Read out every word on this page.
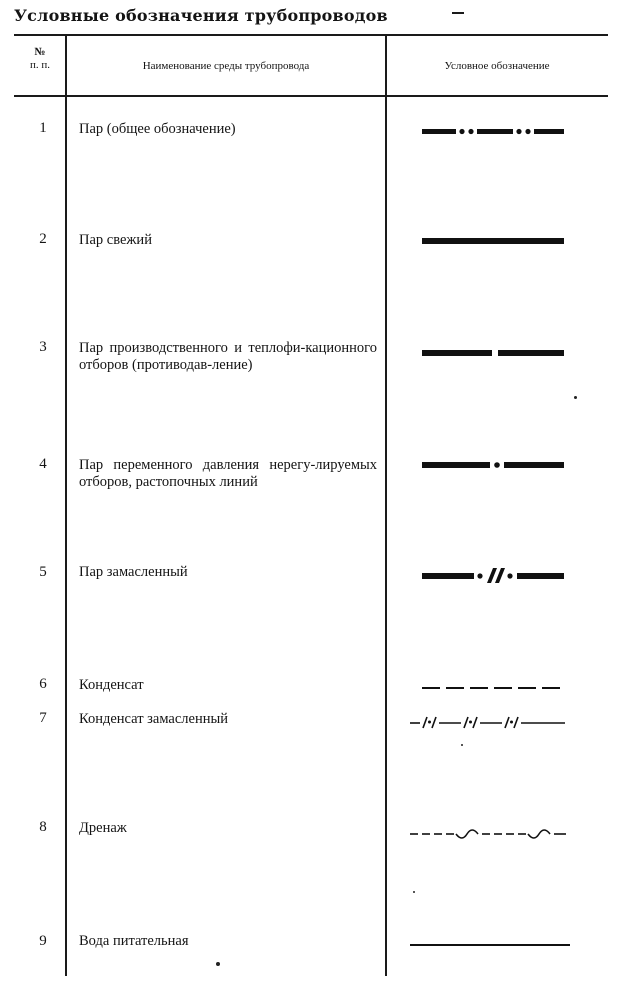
Условные обозначения трубопроводов
№
п. п.	Наименование среды трубопровода	Условное обозначение
1	Пар (общее обозначение)
2	Пар свежий
3	Пар производственного и теплофи-кационного отборов (противодав-ление)
4	Пар переменного давления нерегу-лируемых отборов, растопочных линий
5	Пар замасленный
6	Конденсат
7	Конденсат замасленный
8	Дренаж
9	Вода питательная
